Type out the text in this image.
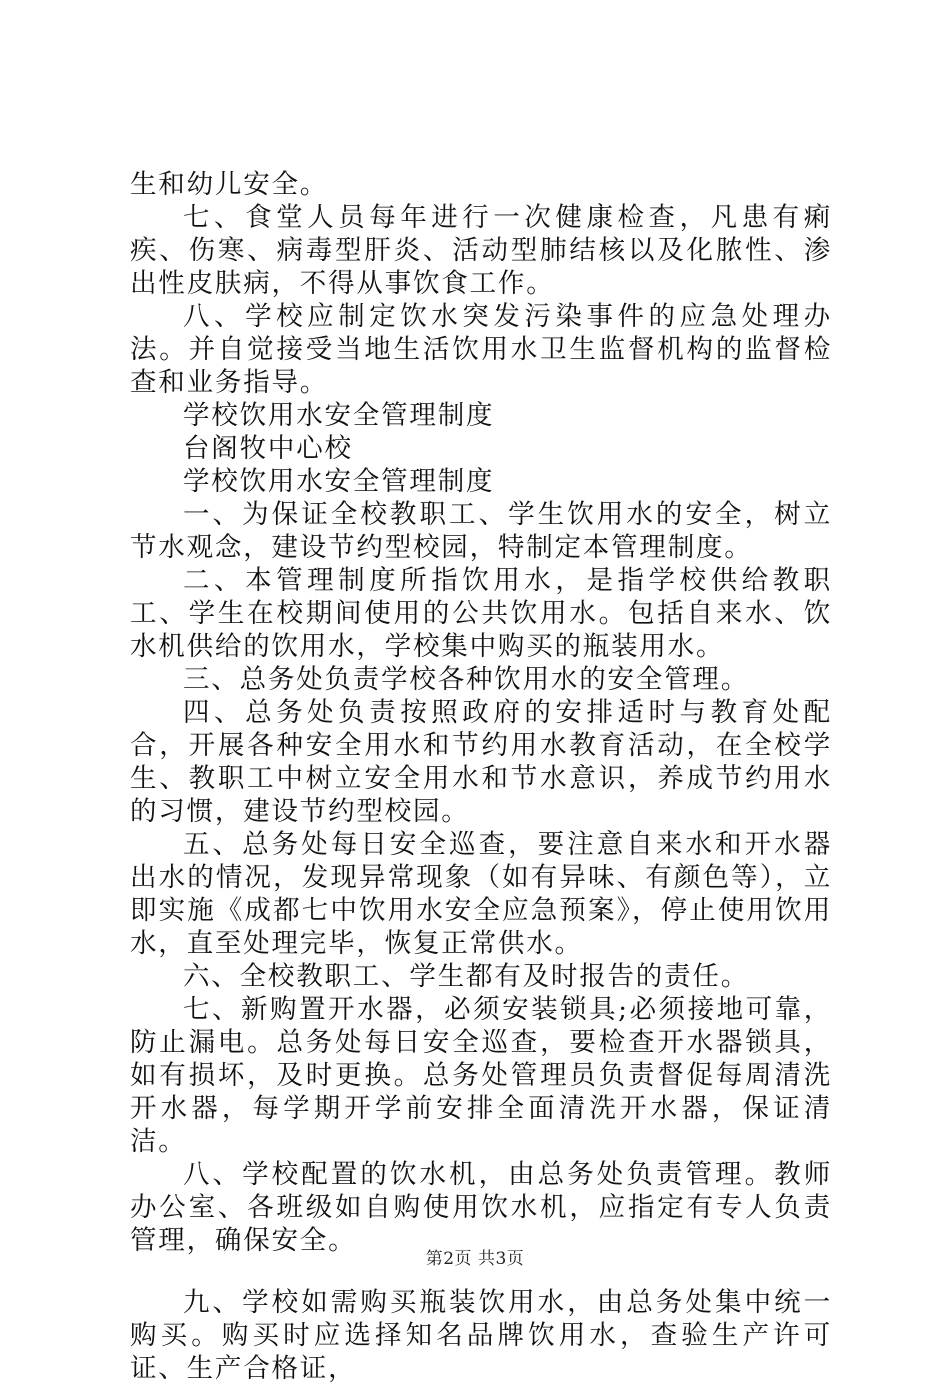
生和幼儿安全。

七、食堂人员每年进行一次健康检查，凡患有痢疾、伤寒、病毒型肝炎、活动型肺结核以及化脓性、渗出性皮肤病，不得从事饮食工作。

八、学校应制定饮水突发污染事件的应急处理办法。并自觉接受当地生活饮用水卫生监督机构的监督检查和业务指导。

学校饮用水安全管理制度

台阁牧中心校

学校饮用水安全管理制度

一、为保证全校教职工、学生饮用水的安全，树立节水观念，建设节约型校园，特制定本管理制度。

二、本管理制度所指饮用水，是指学校供给教职工、学生在校期间使用的公共饮用水。包括自来水、饮水机供给的饮用水，学校集中购买的瓶装用水。

三、总务处负责学校各种饮用水的安全管理。

四、总务处负责按照政府的安排适时与教育处配合，开展各种安全用水和节约用水教育活动，在全校学生、教职工中树立安全用水和节水意识，养成节约用水的习惯，建设节约型校园。

五、总务处每日安全巡查，要注意自来水和开水器出水的情况，发现异常现象（如有异味、有颜色等），立即实施《成都七中饮用水安全应急预案》，停止使用饮用水，直至处理完毕，恢复正常供水。

六、全校教职工、学生都有及时报告的责任。

七、新购置开水器，必须安装锁具;必须接地可靠，防止漏电。总务处每日安全巡查，要检查开水器锁具，如有损坏，及时更换。总务处管理员负责督促每周清洗开水器，每学期开学前安排全面清洗开水器，保证清洁。

八、学校配置的饮水机，由总务处负责管理。教师办公室、各班级如自购使用饮水机，应指定有专人负责管理，确保安全。

九、学校如需购买瓶装饮用水，由总务处集中统一购买。购买时应选择知名品牌饮用水，查验生产许可证、生产合格证，

第2页 共3页
